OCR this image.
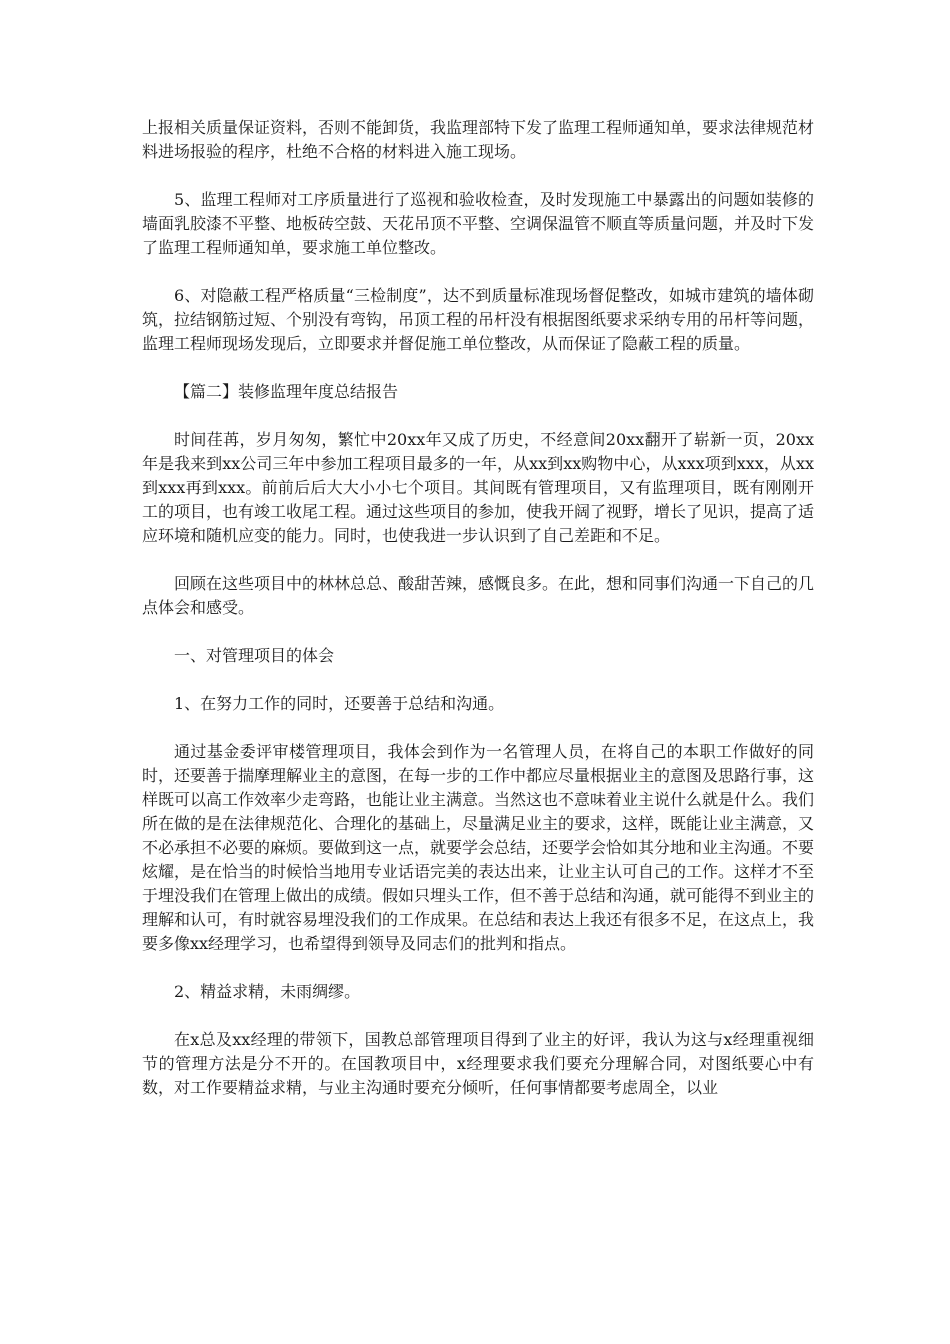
上报相关质量保证资料，否则不能卸货，我监理部特下发了监理工程师通知单，要求法律规范材料进场报验的程序，杜绝不合格的材料进入施工现场。

5、监理工程师对工序质量进行了巡视和验收检查，及时发现施工中暴露出的问题如装修的墙面乳胶漆不平整、地板砖空鼓、天花吊顶不平整、空调保温管不顺直等质量问题，并及时下发了监理工程师通知单，要求施工单位整改。

6、对隐蔽工程严格质量“三检制度”，达不到质量标准现场督促整改，如城市建筑的墙体砌筑，拉结钢筋过短、个别没有弯钩，吊顶工程的吊杆没有根据图纸要求采纳专用的吊杆等问题，监理工程师现场发现后，立即要求并督促施工单位整改，从而保证了隐蔽工程的质量。

【篇二】装修监理年度总结报告

时间荏苒，岁月匆匆，繁忙中20xx年又成了历史，不经意间20xx翻开了崭新一页，20xx年是我来到xx公司三年中参加工程项目最多的一年，从xx到xx购物中心，从xxx项到xxx，从xx到xxx再到xxx。前前后后大大小小七个项目。其间既有管理项目，又有监理项目，既有刚刚开工的项目，也有竣工收尾工程。通过这些项目的参加，使我开阔了视野，增长了见识，提高了适应环境和随机应变的能力。同时，也使我进一步认识到了自己差距和不足。

回顾在这些项目中的林林总总、酸甜苦辣，感慨良多。在此，想和同事们沟通一下自己的几点体会和感受。

一、对管理项目的体会

1、在努力工作的同时，还要善于总结和沟通。

通过基金委评审楼管理项目，我体会到作为一名管理人员，在将自己的本职工作做好的同时，还要善于揣摩理解业主的意图，在每一步的工作中都应尽量根据业主的意图及思路行事，这样既可以高工作效率少走弯路，也能让业主满意。当然这也不意味着业主说什么就是什么。我们所在做的是在法律规范化、合理化的基础上，尽量满足业主的要求，这样，既能让业主满意，又不必承担不必要的麻烦。要做到这一点，就要学会总结，还要学会恰如其分地和业主沟通。不要炫耀，是在恰当的时候恰当地用专业话语完美的表达出来，让业主认可自己的工作。这样才不至于埋没我们在管理上做出的成绩。假如只埋头工作，但不善于总结和沟通，就可能得不到业主的理解和认可，有时就容易埋没我们的工作成果。在总结和表达上我还有很多不足，在这点上，我要多像xx经理学习，也希望得到领导及同志们的批判和指点。

2、精益求精，未雨绸缪。

在x总及xx经理的带领下，国教总部管理项目得到了业主的好评，我认为这与x经理重视细节的管理方法是分不开的。在国教项目中，x经理要求我们要充分理解合同，对图纸要心中有数，对工作要精益求精，与业主沟通时要充分倾听，任何事情都要考虑周全，以业
